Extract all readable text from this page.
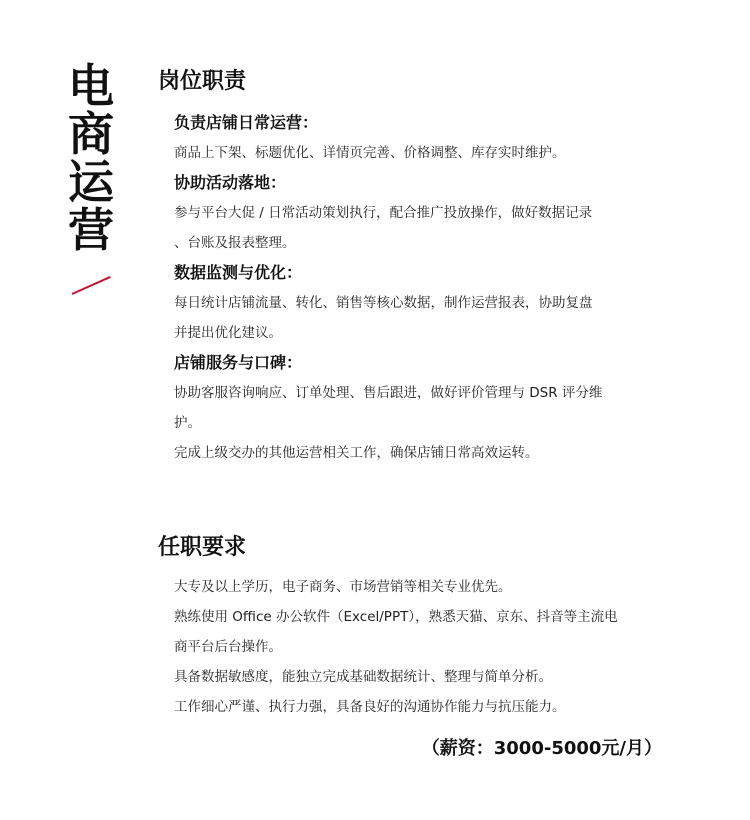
电
商
运
营
岗位职责

负责店铺日常运营：

商品上下架、标题优化、详情页完善、价格调整、库存实时维护。

协助活动落地：

参与平台大促 / 日常活动策划执行，配合推广投放操作，做好数据记录

、台账及报表整理。

数据监测与优化：

每日统计店铺流量、转化、销售等核心数据，制作运营报表，协助复盘

并提出优化建议。

店铺服务与口碑：

协助客服咨询响应、订单处理、售后跟进，做好评价管理与 DSR 评分维

护。

完成上级交办的其他运营相关工作，确保店铺日常高效运转。

任职要求

大专及以上学历，电子商务、市场营销等相关专业优先。

熟练使用 Office 办公软件（Excel/PPT），熟悉天猫、京东、抖音等主流电

商平台后台操作。

具备数据敏感度，能独立完成基础数据统计、整理与简单分析。

工作细心严谨、执行力强，具备良好的沟通协作能力与抗压能力。

（薪资：3000-5000元/月）
